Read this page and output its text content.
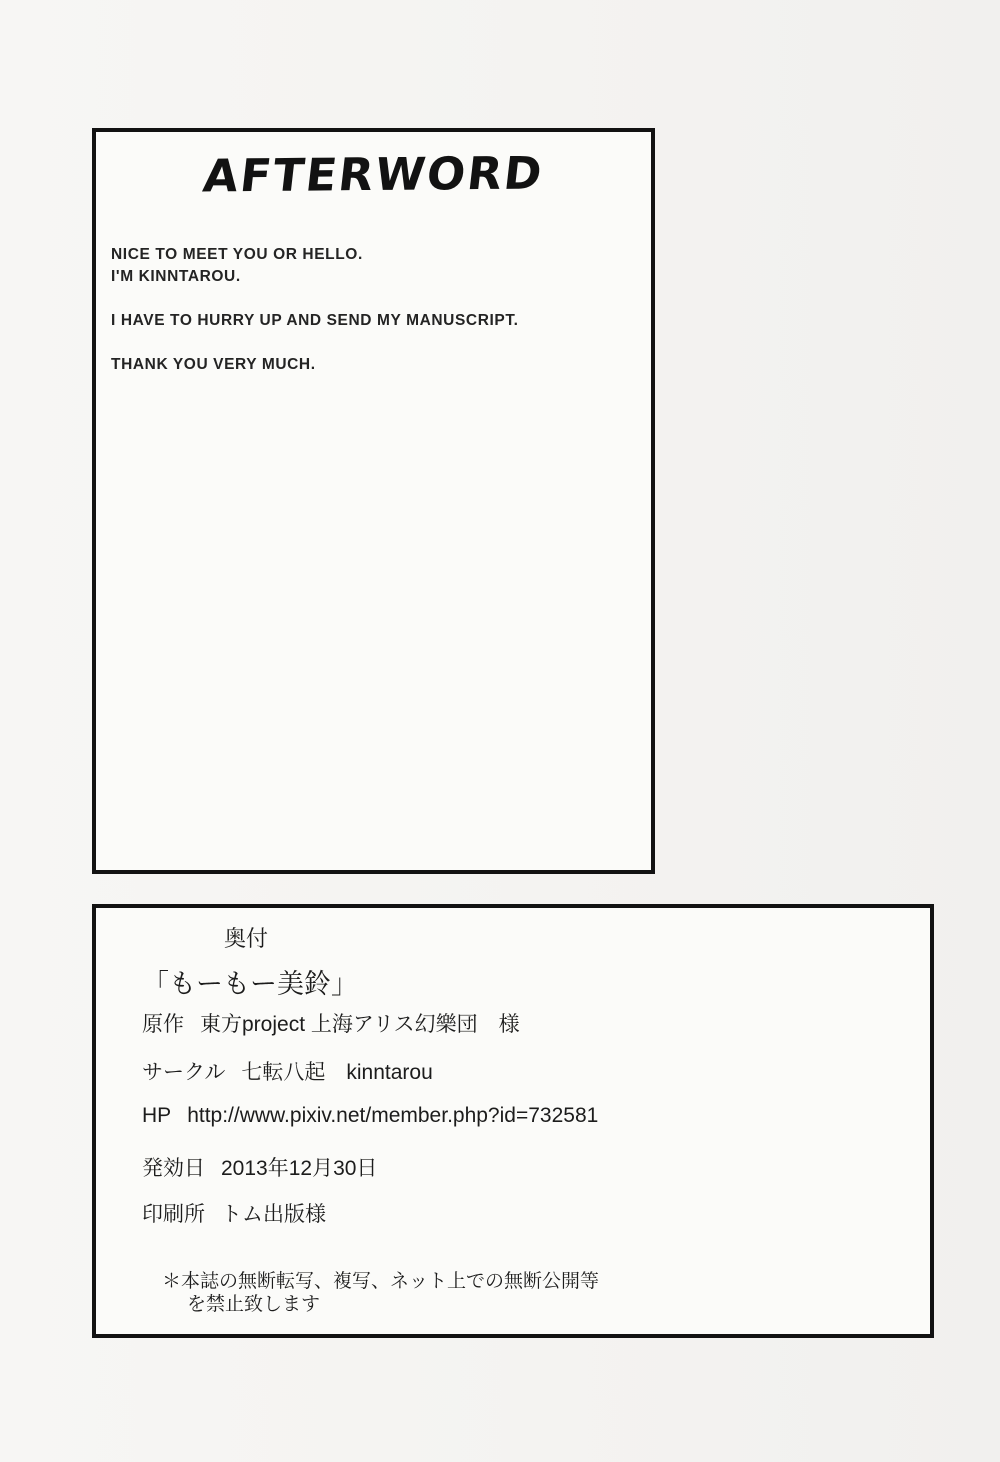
AFTERWORD
NICE TO MEET YOU OR HELLO.
I'M KINNTAROU.
I HAVE TO HURRY UP AND SEND MY MANUSCRIPT.
THANK YOU VERY MUCH.
奥付
「もーもー美鈴」
原作 東方project 上海アリス幻樂団　様
サークル 七転八起　kinntarou
HP http://www.pixiv.net/member.php?id=732581
発効日 2013年12月30日
印刷所 トム出版様
＊本誌の無断転写、複写、ネット上での無断公開等
を禁止致します
